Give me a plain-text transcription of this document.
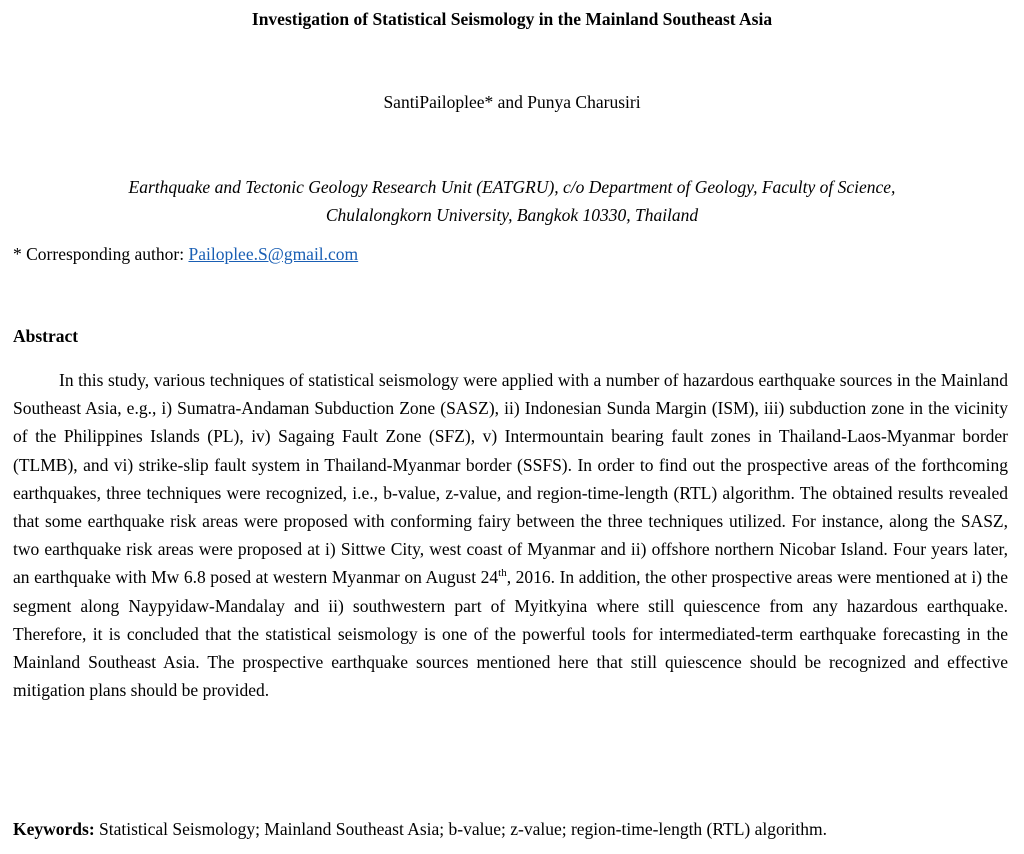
Investigation of Statistical Seismology in the Mainland Southeast Asia
SantiPailoplee* and Punya Charusiri
Earthquake and Tectonic Geology Research Unit (EATGRU), c/o Department of Geology, Faculty of Science,
Chulalongkorn University, Bangkok 10330, Thailand
* Corresponding author: Pailoplee.S@gmail.com
Abstract

In this study, various techniques of statistical seismology were applied with a number of hazardous earthquake sources in the Mainland Southeast Asia, e.g., i) Sumatra-Andaman Subduction Zone (SASZ), ii) Indonesian Sunda Margin (ISM), iii) subduction zone in the vicinity of the Philippines Islands (PL), iv) Sagaing Fault Zone (SFZ), v) Intermountain bearing fault zones in Thailand-Laos-Myanmar border (TLMB), and vi) strike-slip fault system in Thailand-Myanmar border (SSFS). In order to find out the prospective areas of the forthcoming earthquakes, three techniques were recognized, i.e., b-value, z-value, and region-time-length (RTL) algorithm. The obtained results revealed that some earthquake risk areas were proposed with conforming fairy between the three techniques utilized. For instance, along the SASZ, two earthquake risk areas were proposed at i) Sittwe City, west coast of Myanmar and ii) offshore northern Nicobar Island. Four years later, an earthquake with Mw 6.8 posed at western Myanmar on August 24th, 2016. In addition, the other prospective areas were mentioned at i) the segment along Naypyidaw-Mandalay and ii) southwestern part of Myitkyina where still quiescence from any hazardous earthquake. Therefore, it is concluded that the statistical seismology is one of the powerful tools for intermediated-term earthquake forecasting in the Mainland Southeast Asia. The prospective earthquake sources mentioned here that still quiescence should be recognized and effective mitigation plans should be provided.

Keywords: Statistical Seismology; Mainland Southeast Asia; b-value; z-value; region-time-length (RTL) algorithm.
